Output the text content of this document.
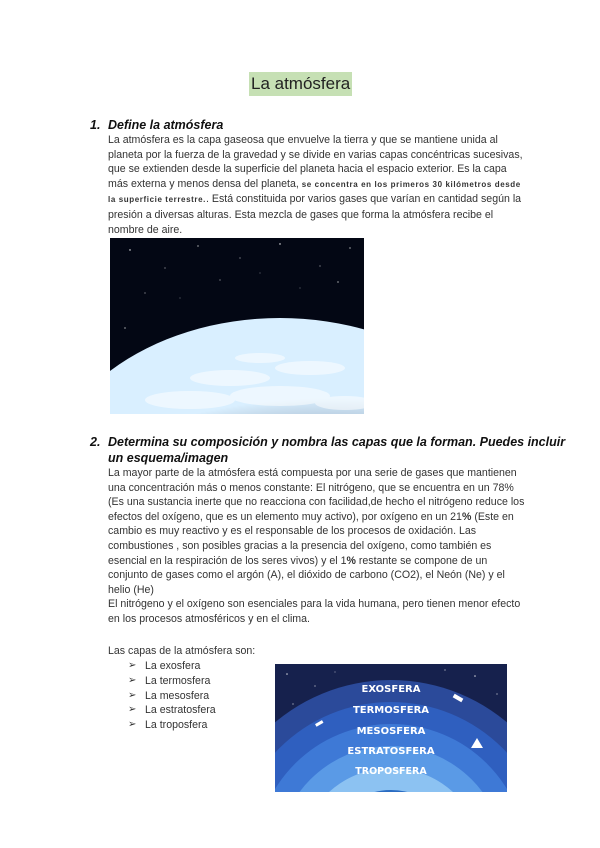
La atmósfera
1. Define la atmósfera

La atmósfera es la capa gaseosa que envuelve la tierra y que se mantiene unida al planeta por la fuerza de la gravedad y se divide en varias capas concéntricas sucesivas, que se extienden desde la superficie del planeta hacia el espacio exterior. Es la capa más externa y menos densa del planeta, se concentra en los primeros 30 kilómetros desde la superficie terrestre.. Está constituida por varios gases que varían en cantidad según la presión a diversas alturas. Esta mezcla de gases que forma la atmósfera recibe el nombre de aire.

2. Determina su composición y nombra las capas que la forman. Puedes incluir
un esquema/imagen

La mayor parte de la atmósfera está compuesta por una serie de gases que mantienen una concentración más o menos constante: El nitrógeno, que se encuentra en un 78% (Es una sustancia inerte que no reacciona con facilidad,de hecho el nitrógeno reduce los efectos del oxígeno, que es un elemento muy activo), por oxígeno en un 21% (Este en cambio es muy reactivo y es el responsable de los procesos de oxidación. Las combustiones , son posibles gracias a la presencia del oxígeno, como también es esencial en la respiración de los seres vivos) y el 1% restante se compone de un conjunto de gases como el argón (A), el dióxido de carbono (CO2), el Neón (Ne) y el helio (He)

El nitrógeno y el oxígeno son esenciales para la vida humana, pero tienen menor efecto en los procesos atmosféricos y en el clima.

Las capas de la atmósfera son:
➢ La exosfera
➢ La termosfera
➢ La mesosfera
➢ La estratosfera
➢ La troposfera
EXOSFERA
TERMOSFERA
MESOSFERA
ESTRATOSFERA
TROPOSFERA
